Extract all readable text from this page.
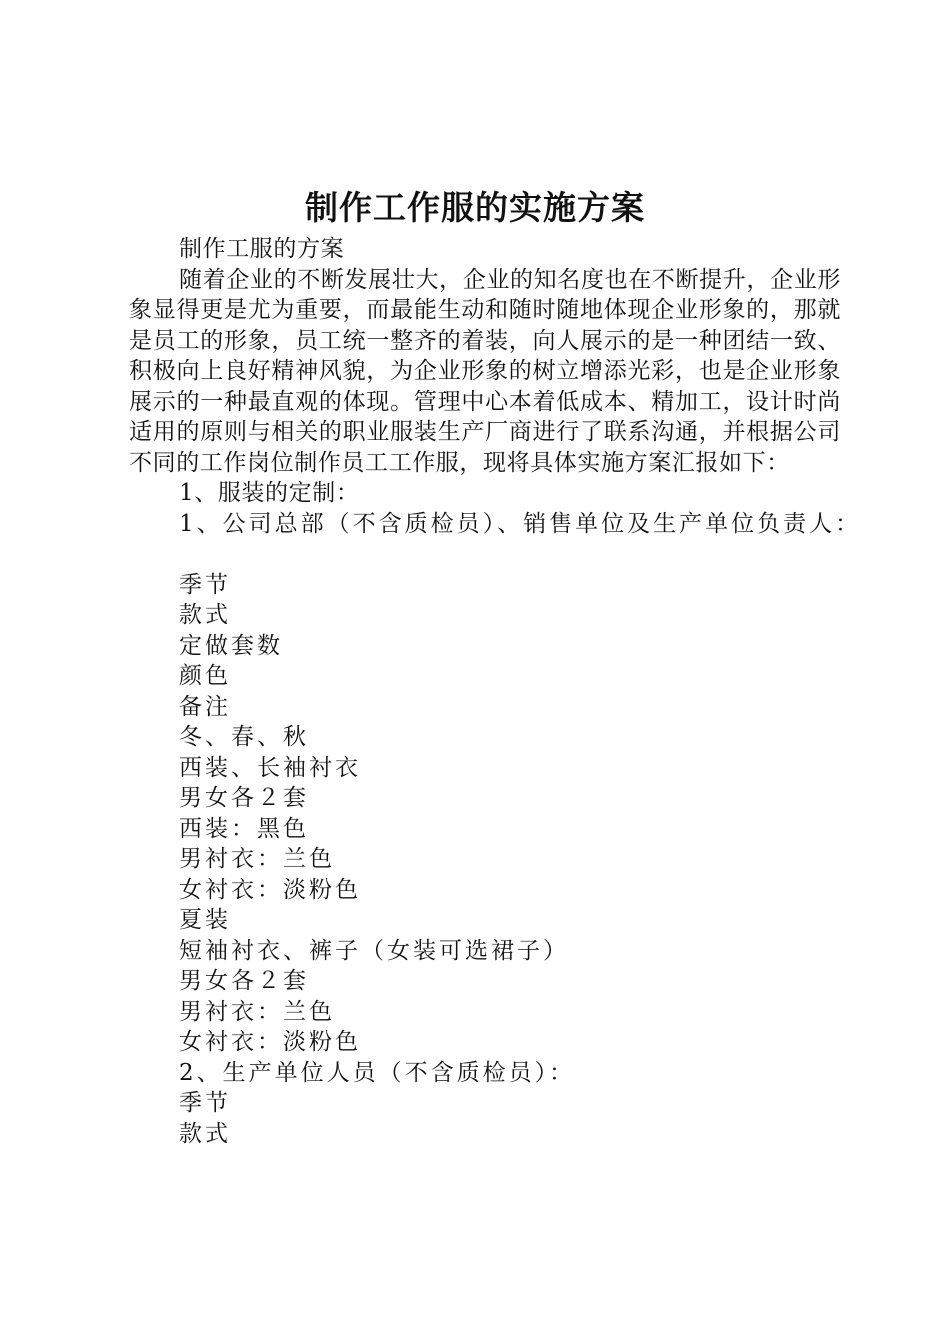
制作工作服的实施方案
制作工服的方案
随着企业的不断发展壮大，企业的知名度也在不断提升，企业形象显得更是尤为重要，而最能生动和随时随地体现企业形象的，那就是员工的形象，员工统一整齐的着装，向人展示的是一种团结一致、积极向上良好精神风貌，为企业形象的树立增添光彩，也是企业形象展示的一种最直观的体现。管理中心本着低成本、精加工，设计时尚适用的原则与相关的职业服装生产厂商进行了联系沟通，并根据公司不同的工作岗位制作员工工作服，现将具体实施方案汇报如下：
1、服装的定制：
1、公司总部（不含质检员）、销售单位及生产单位负责人：
季节
款式
定做套数
颜色
备注
冬、春、秋
西装、长袖衬衣
男女各２套
西装：黑色
男衬衣：兰色
女衬衣：淡粉色
夏装
短袖衬衣、裤子（女装可选裙子）
男女各２套
男衬衣：兰色
女衬衣：淡粉色
2、生产单位人员（不含质检员）：
季节
款式
